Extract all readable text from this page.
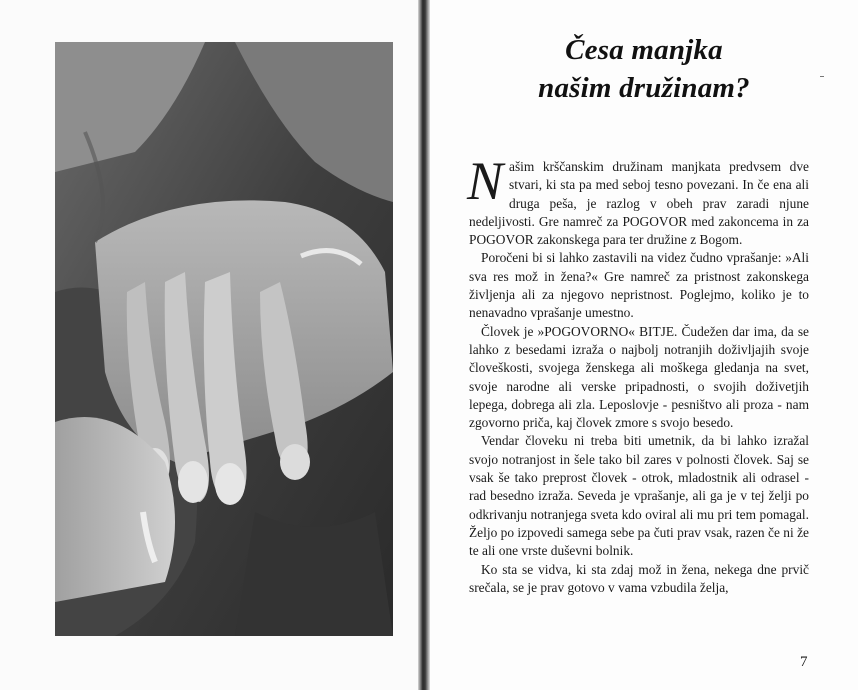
Česa manjka
našim družinam?

Našim krščanskim družinam manjkata predvsem dve stvari, ki sta pa med seboj tesno povezani. In če ena ali druga peša, je razlog v obeh prav zaradi njune nedeljivosti. Gre namreč za POGOVOR med zakoncema in za POGOVOR zakonskega para ter družine z Bogom.

Poročeni bi si lahko zastavili na videz čudno vprašanje: »Ali sva res mož in žena?« Gre namreč za pristnost zakonskega življenja ali za njegovo nepristnost. Poglejmo, koliko je to nenavadno vprašanje umestno.

Človek je »POGOVORNO« BITJE. Čudežen dar ima, da se lahko z besedami izraža o najbolj notranjih doživljajih svoje človeškosti, svojega ženskega ali moškega gledanja na svet, svoje narodne ali verske pripadnosti, o svojih doživetjih lepega, dobrega ali zla. Leposlovje - pesništvo ali proza - nam zgovorno priča, kaj človek zmore s svojo besedo.

Vendar človeku ni treba biti umetnik, da bi lahko izražal svojo notranjost in šele tako bil zares v polnosti človek. Saj se vsak še tako preprost človek - otrok, mladostnik ali odrasel - rad besedno izraža. Seveda je vprašanje, ali ga je v tej želji po odkrivanju notranjega sveta kdo oviral ali mu pri tem pomagal. Željo po izpovedi samega sebe pa čuti prav vsak, razen če ni že te ali one vrste duševni bolnik.

Ko sta se vidva, ki sta zdaj mož in žena, nekega dne prvič srečala, se je prav gotovo v vama vzbudila želja,

7
